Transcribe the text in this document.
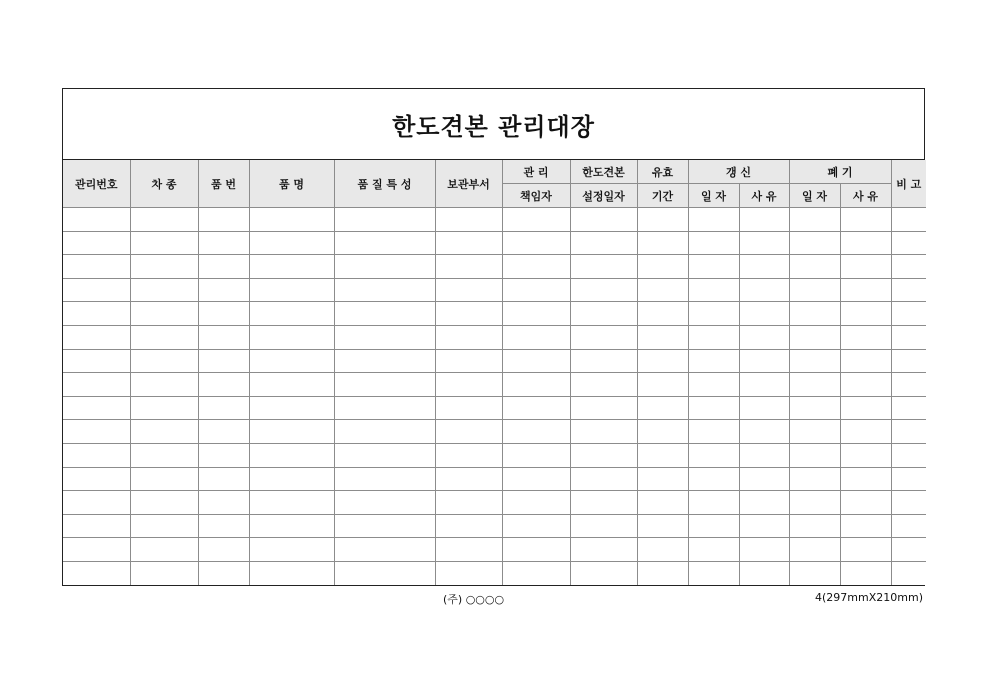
한도견본 관리대장
관리번호	차 종	품 번	품 명	품 질 특 성	보관부서	관 리	한도견본	유효	갱 신		폐 기		비 고
						책임자	설정일자	기간	일 자	사 유	일 자	사 유	

(주) ○○○○	4(297mmX210mm)
